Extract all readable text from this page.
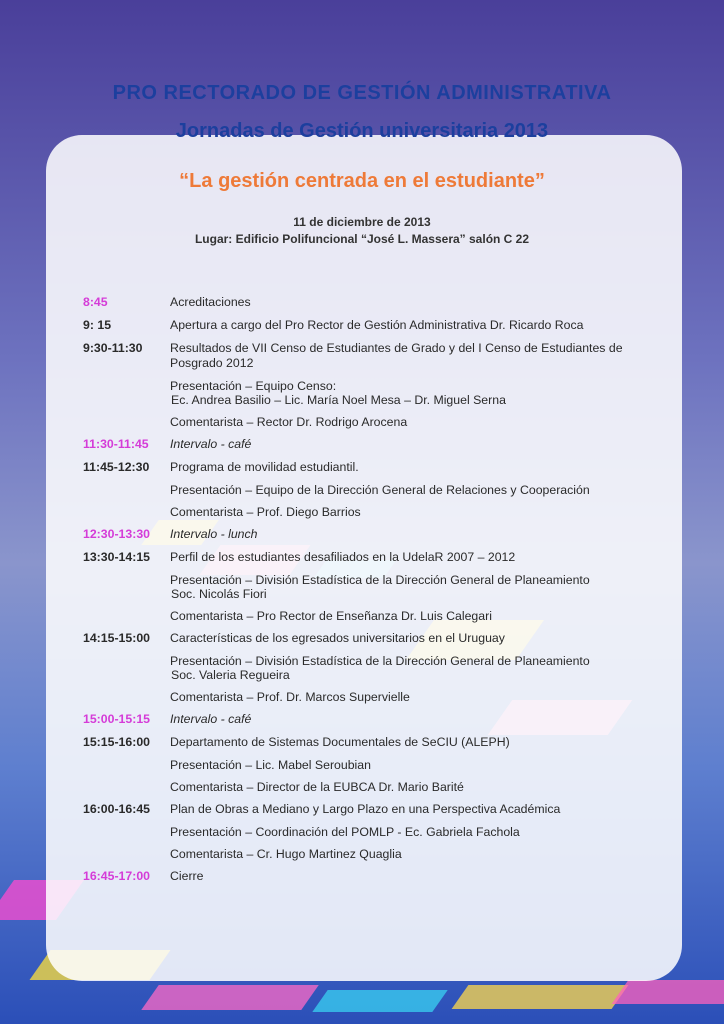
PRO RECTORADO DE GESTIÓN ADMINISTRATIVA
Jornadas de Gestión universitaria 2013
“La gestión centrada en el estudiante”
11 de diciembre de 2013
Lugar: Edificio Polifuncional “José L. Massera” salón C 22
8:45	Acreditaciones
9: 15	Apertura a cargo del Pro Rector de Gestión Administrativa Dr. Ricardo Roca
9:30-11:30	Resultados de VII Censo de Estudiantes de Grado y del I Censo de Estudiantes de Posgrado 2012
Presentación – Equipo Censo:
Ec. Andrea Basilio – Lic. María Noel Mesa – Dr. Miguel Serna
Comentarista – Rector Dr. Rodrigo Arocena
11:30-11:45	Intervalo - café
11:45-12:30	Programa de movilidad estudiantil.
Presentación – Equipo de la Dirección General de Relaciones y Cooperación
Comentarista – Prof. Diego Barrios
12:30-13:30	Intervalo - lunch
13:30-14:15	Perfil de los estudiantes desafiliados en la UdelaR 2007 – 2012
Presentación – División Estadística de la Dirección General de Planeamiento
Soc. Nicolás Fiori
Comentarista – Pro Rector de Enseñanza Dr. Luis Calegari
14:15-15:00	Características de los egresados universitarios en el Uruguay
Presentación – División Estadística de la Dirección General de Planeamiento
Soc. Valeria Regueira
Comentarista – Prof. Dr. Marcos Supervielle
15:00-15:15	Intervalo - café
15:15-16:00	Departamento de Sistemas Documentales de SeCIU (ALEPH)
Presentación – Lic. Mabel Seroubian
Comentarista – Director de la EUBCA Dr. Mario Barité
16:00-16:45	Plan de Obras a Mediano y Largo Plazo en una Perspectiva Académica
Presentación – Coordinación del POMLP - Ec. Gabriela Fachola
Comentarista – Cr. Hugo Martinez Quaglia
16:45-17:00	Cierre
